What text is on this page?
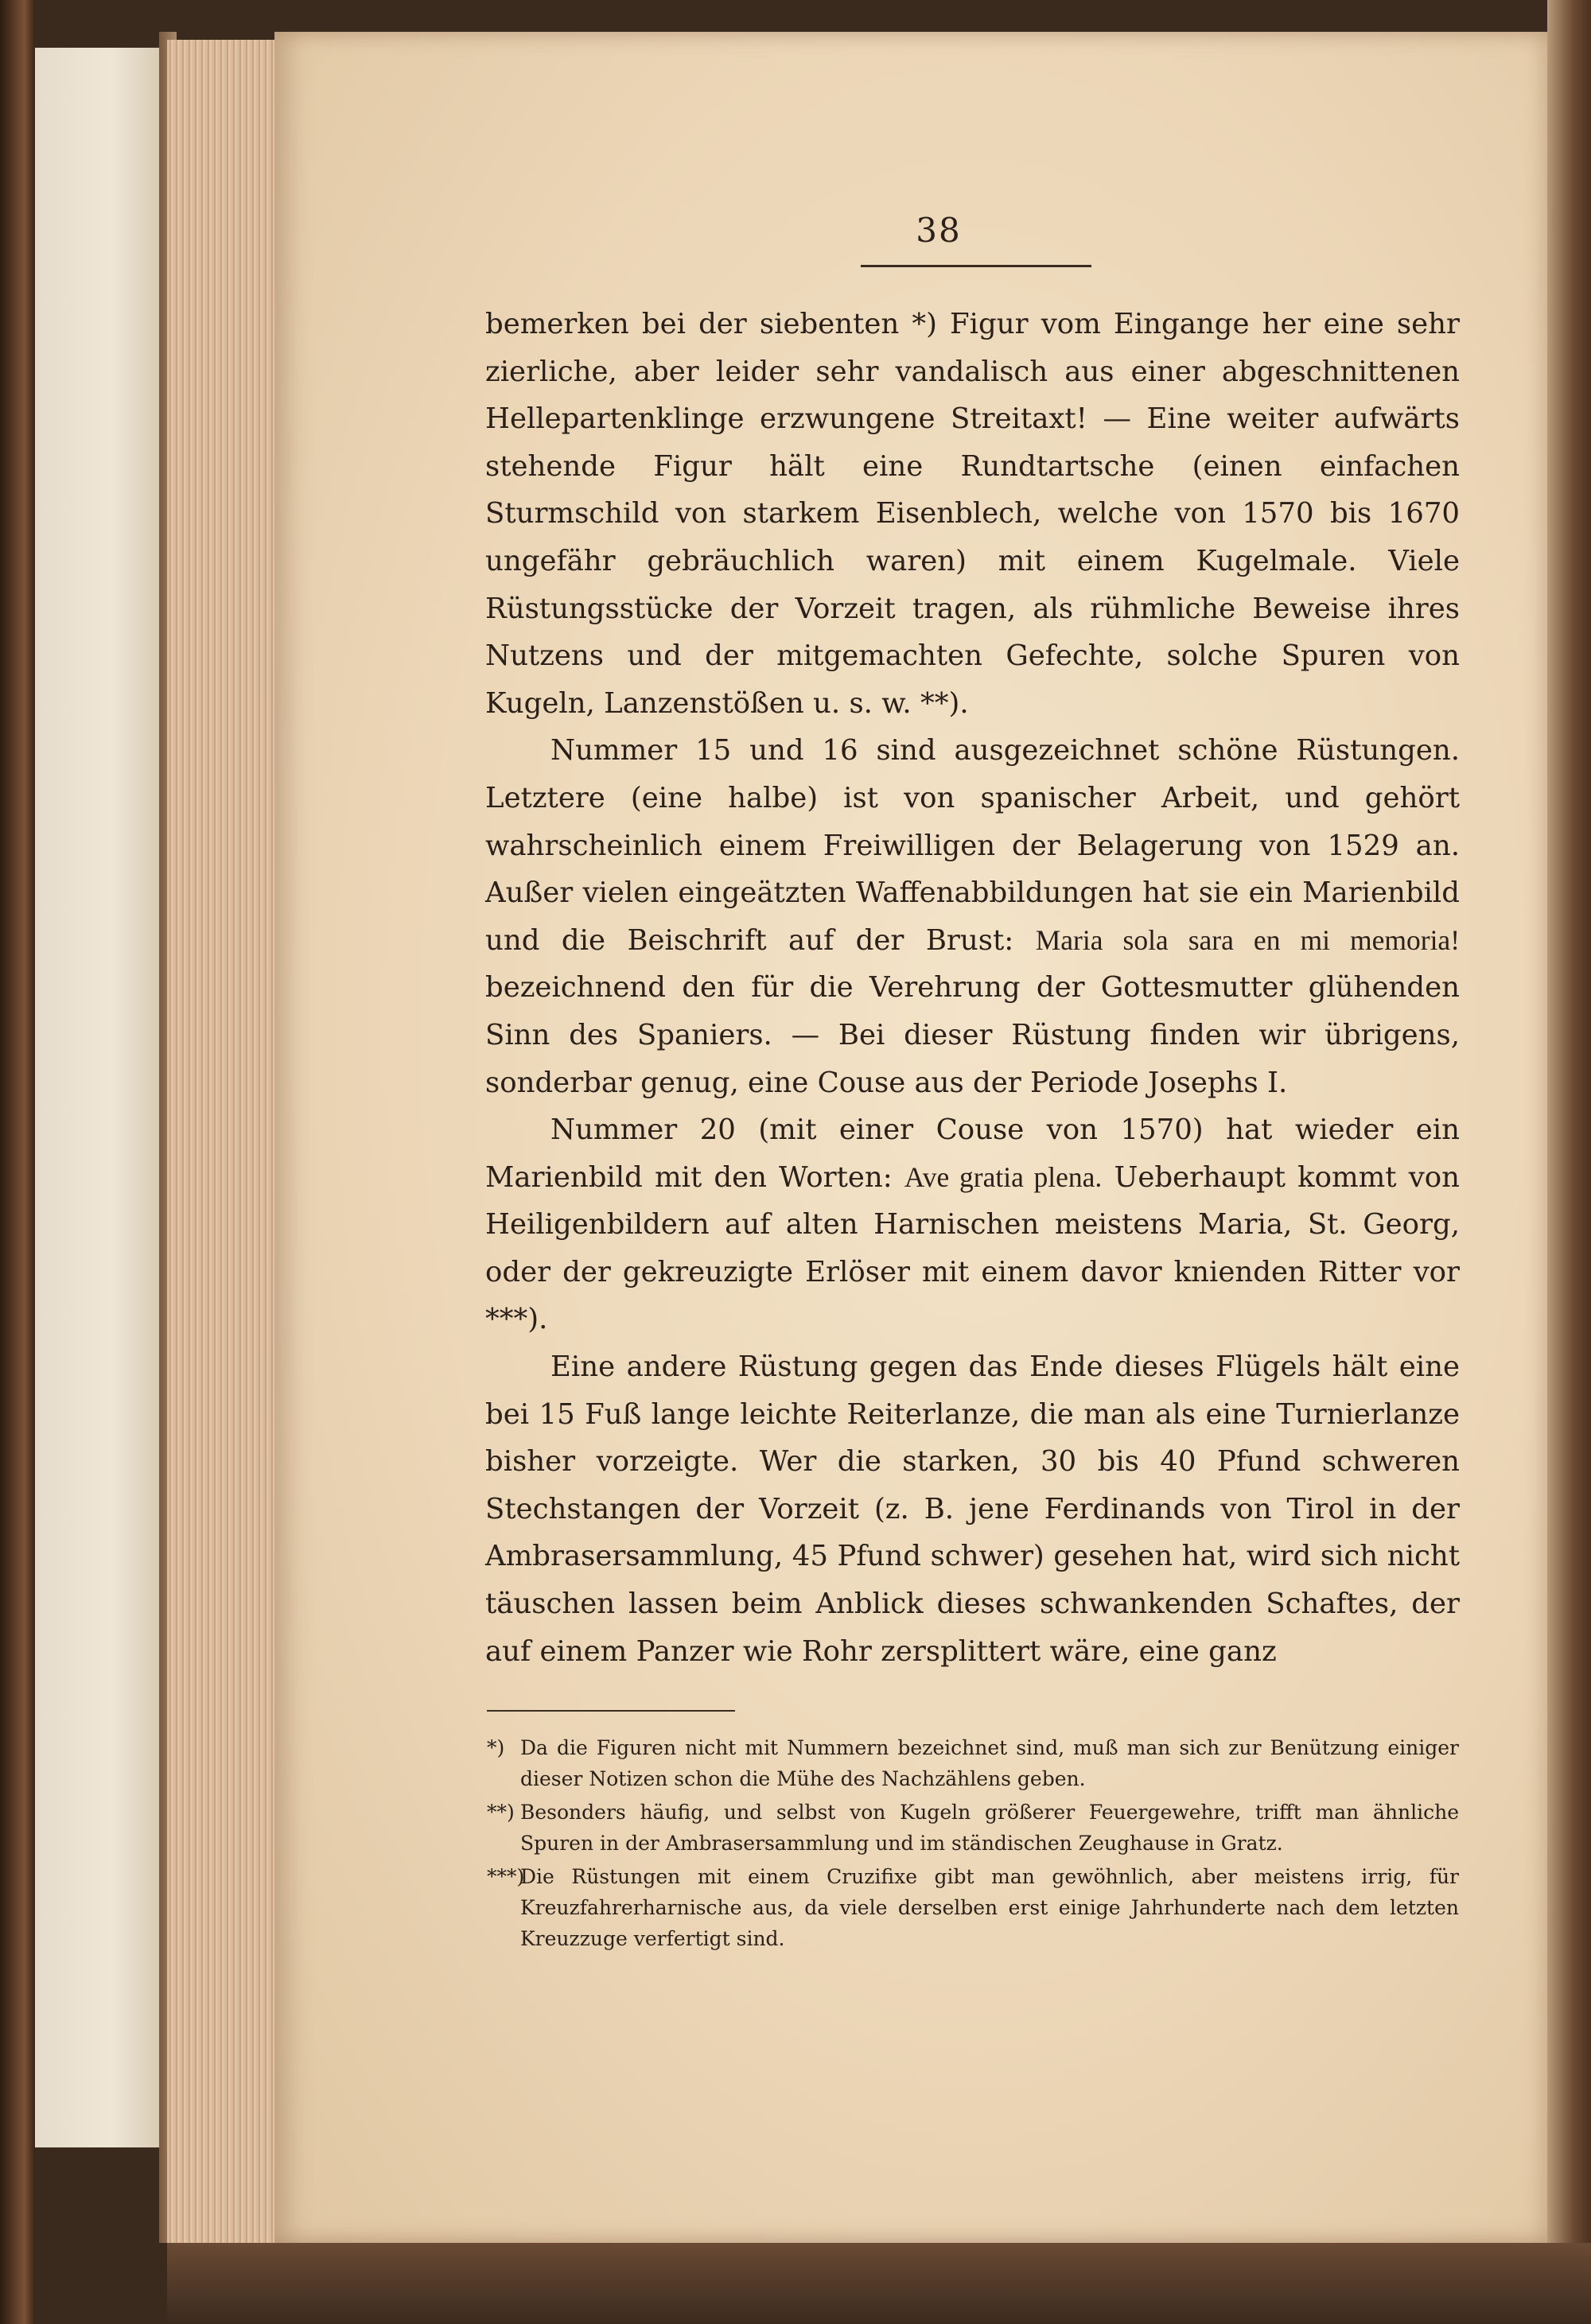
38

bemerken bei der siebenten *) Figur vom Eingange her eine sehr zierliche, aber leider sehr vandalisch aus einer abgeschnittenen Hellepartenklinge erzwungene Streitaxt! — Eine weiter aufwärts stehende Figur hält eine Rundtartsche (einen einfachen Sturmschild von starkem Eisenblech, welche von 1570 bis 1670 ungefähr gebräuchlich waren) mit einem Kugelmale. Viele Rüstungsstücke der Vorzeit tragen, als rühmliche Beweise ihres Nutzens und der mitgemachten Gefechte, solche Spuren von Kugeln, Lanzenstößen u. s. w. **).

Nummer 15 und 16 sind ausgezeichnet schöne Rüstungen. Letztere (eine halbe) ist von spanischer Arbeit, und gehört wahrscheinlich einem Freiwilligen der Belagerung von 1529 an. Außer vielen eingeätzten Waffenabbildungen hat sie ein Marienbild und die Beischrift auf der Brust: Maria sola sara en mi memoria! bezeichnend den für die Verehrung der Gottesmutter glühenden Sinn des Spaniers. — Bei dieser Rüstung finden wir übrigens, sonderbar genug, eine Couse aus der Periode Josephs I.

Nummer 20 (mit einer Couse von 1570) hat wieder ein Marienbild mit den Worten: Ave gratia plena. Ueberhaupt kommt von Heiligenbildern auf alten Harnischen meistens Maria, St. Georg, oder der gekreuzigte Erlöser mit einem davor knienden Ritter vor ***).

Eine andere Rüstung gegen das Ende dieses Flügels hält eine bei 15 Fuß lange leichte Reiterlanze, die man als eine Turnierlanze bisher vorzeigte. Wer die starken, 30 bis 40 Pfund schweren Stechstangen der Vorzeit (z. B. jene Ferdinands von Tirol in der Ambrasersammlung, 45 Pfund schwer) gesehen hat, wird sich nicht täuschen lassen beim Anblick dieses schwankenden Schaftes, der auf einem Panzer wie Rohr zersplittert wäre, eine ganz

*) Da die Figuren nicht mit Nummern bezeichnet sind, muß man sich zur Benützung einiger dieser Notizen schon die Mühe des Nachzählens geben.

**) Besonders häufig, und selbst von Kugeln größerer Feuergewehre, trifft man ähnliche Spuren in der Ambrasersammlung und im ständischen Zeughause in Gratz.

***)
Die Rüstungen mit einem Cruzifixe gibt man gewöhnlich, aber meistens irrig, für Kreuzfahrerharnische aus, da viele derselben erst einige Jahrhunderte nach dem letzten Kreuzzuge verfertigt sind.
